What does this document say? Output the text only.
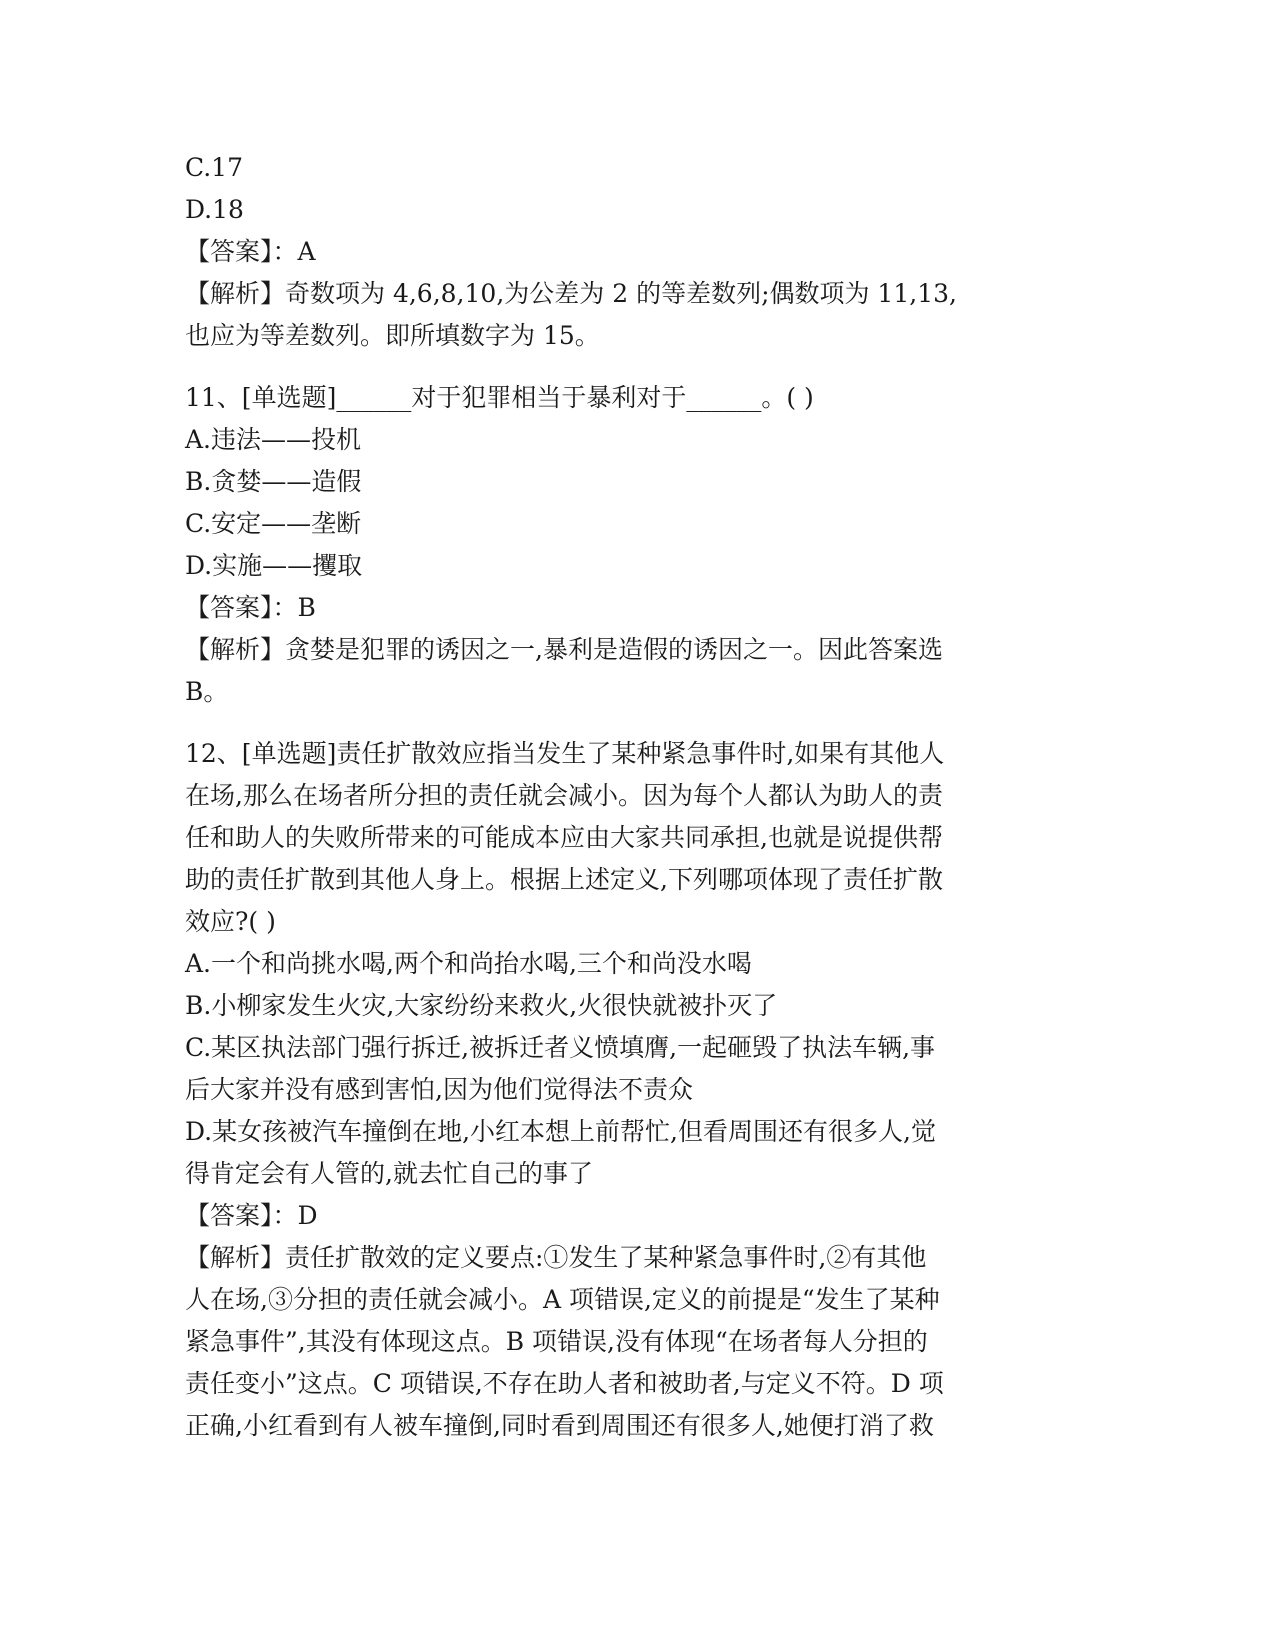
C.17
D.18
【答案】：A
【解析】奇数项为 4,6,8,10,为公差为 2 的等差数列;偶数项为 11,13,
也应为等差数列。即所填数字为 15。
11、[单选题]______对于犯罪相当于暴利对于______。( )
A.违法——投机
B.贪婪——造假
C.安定——垄断
D.实施——攫取
【答案】：B
【解析】贪婪是犯罪的诱因之一,暴利是造假的诱因之一。因此答案选
B。
12、[单选题]责任扩散效应指当发生了某种紧急事件时,如果有其他人
在场,那么在场者所分担的责任就会减小。因为每个人都认为助人的责
任和助人的失败所带来的可能成本应由大家共同承担,也就是说提供帮
助的责任扩散到其他人身上。根据上述定义,下列哪项体现了责任扩散
效应?( )
A.一个和尚挑水喝,两个和尚抬水喝,三个和尚没水喝
B.小柳家发生火灾,大家纷纷来救火,火很快就被扑灭了
C.某区执法部门强行拆迁,被拆迁者义愤填膺,一起砸毁了执法车辆,事
后大家并没有感到害怕,因为他们觉得法不责众
D.某女孩被汽车撞倒在地,小红本想上前帮忙,但看周围还有很多人,觉
得肯定会有人管的,就去忙自己的事了
【答案】：D
【解析】责任扩散效的定义要点:①发生了某种紧急事件时,②有其他
人在场,③分担的责任就会减小。A 项错误,定义的前提是“发生了某种
紧急事件”,其没有体现这点。B 项错误,没有体现“在场者每人分担的
责任变小”这点。C 项错误,不存在助人者和被助者,与定义不符。D 项
正确,小红看到有人被车撞倒,同时看到周围还有很多人,她便打消了救
